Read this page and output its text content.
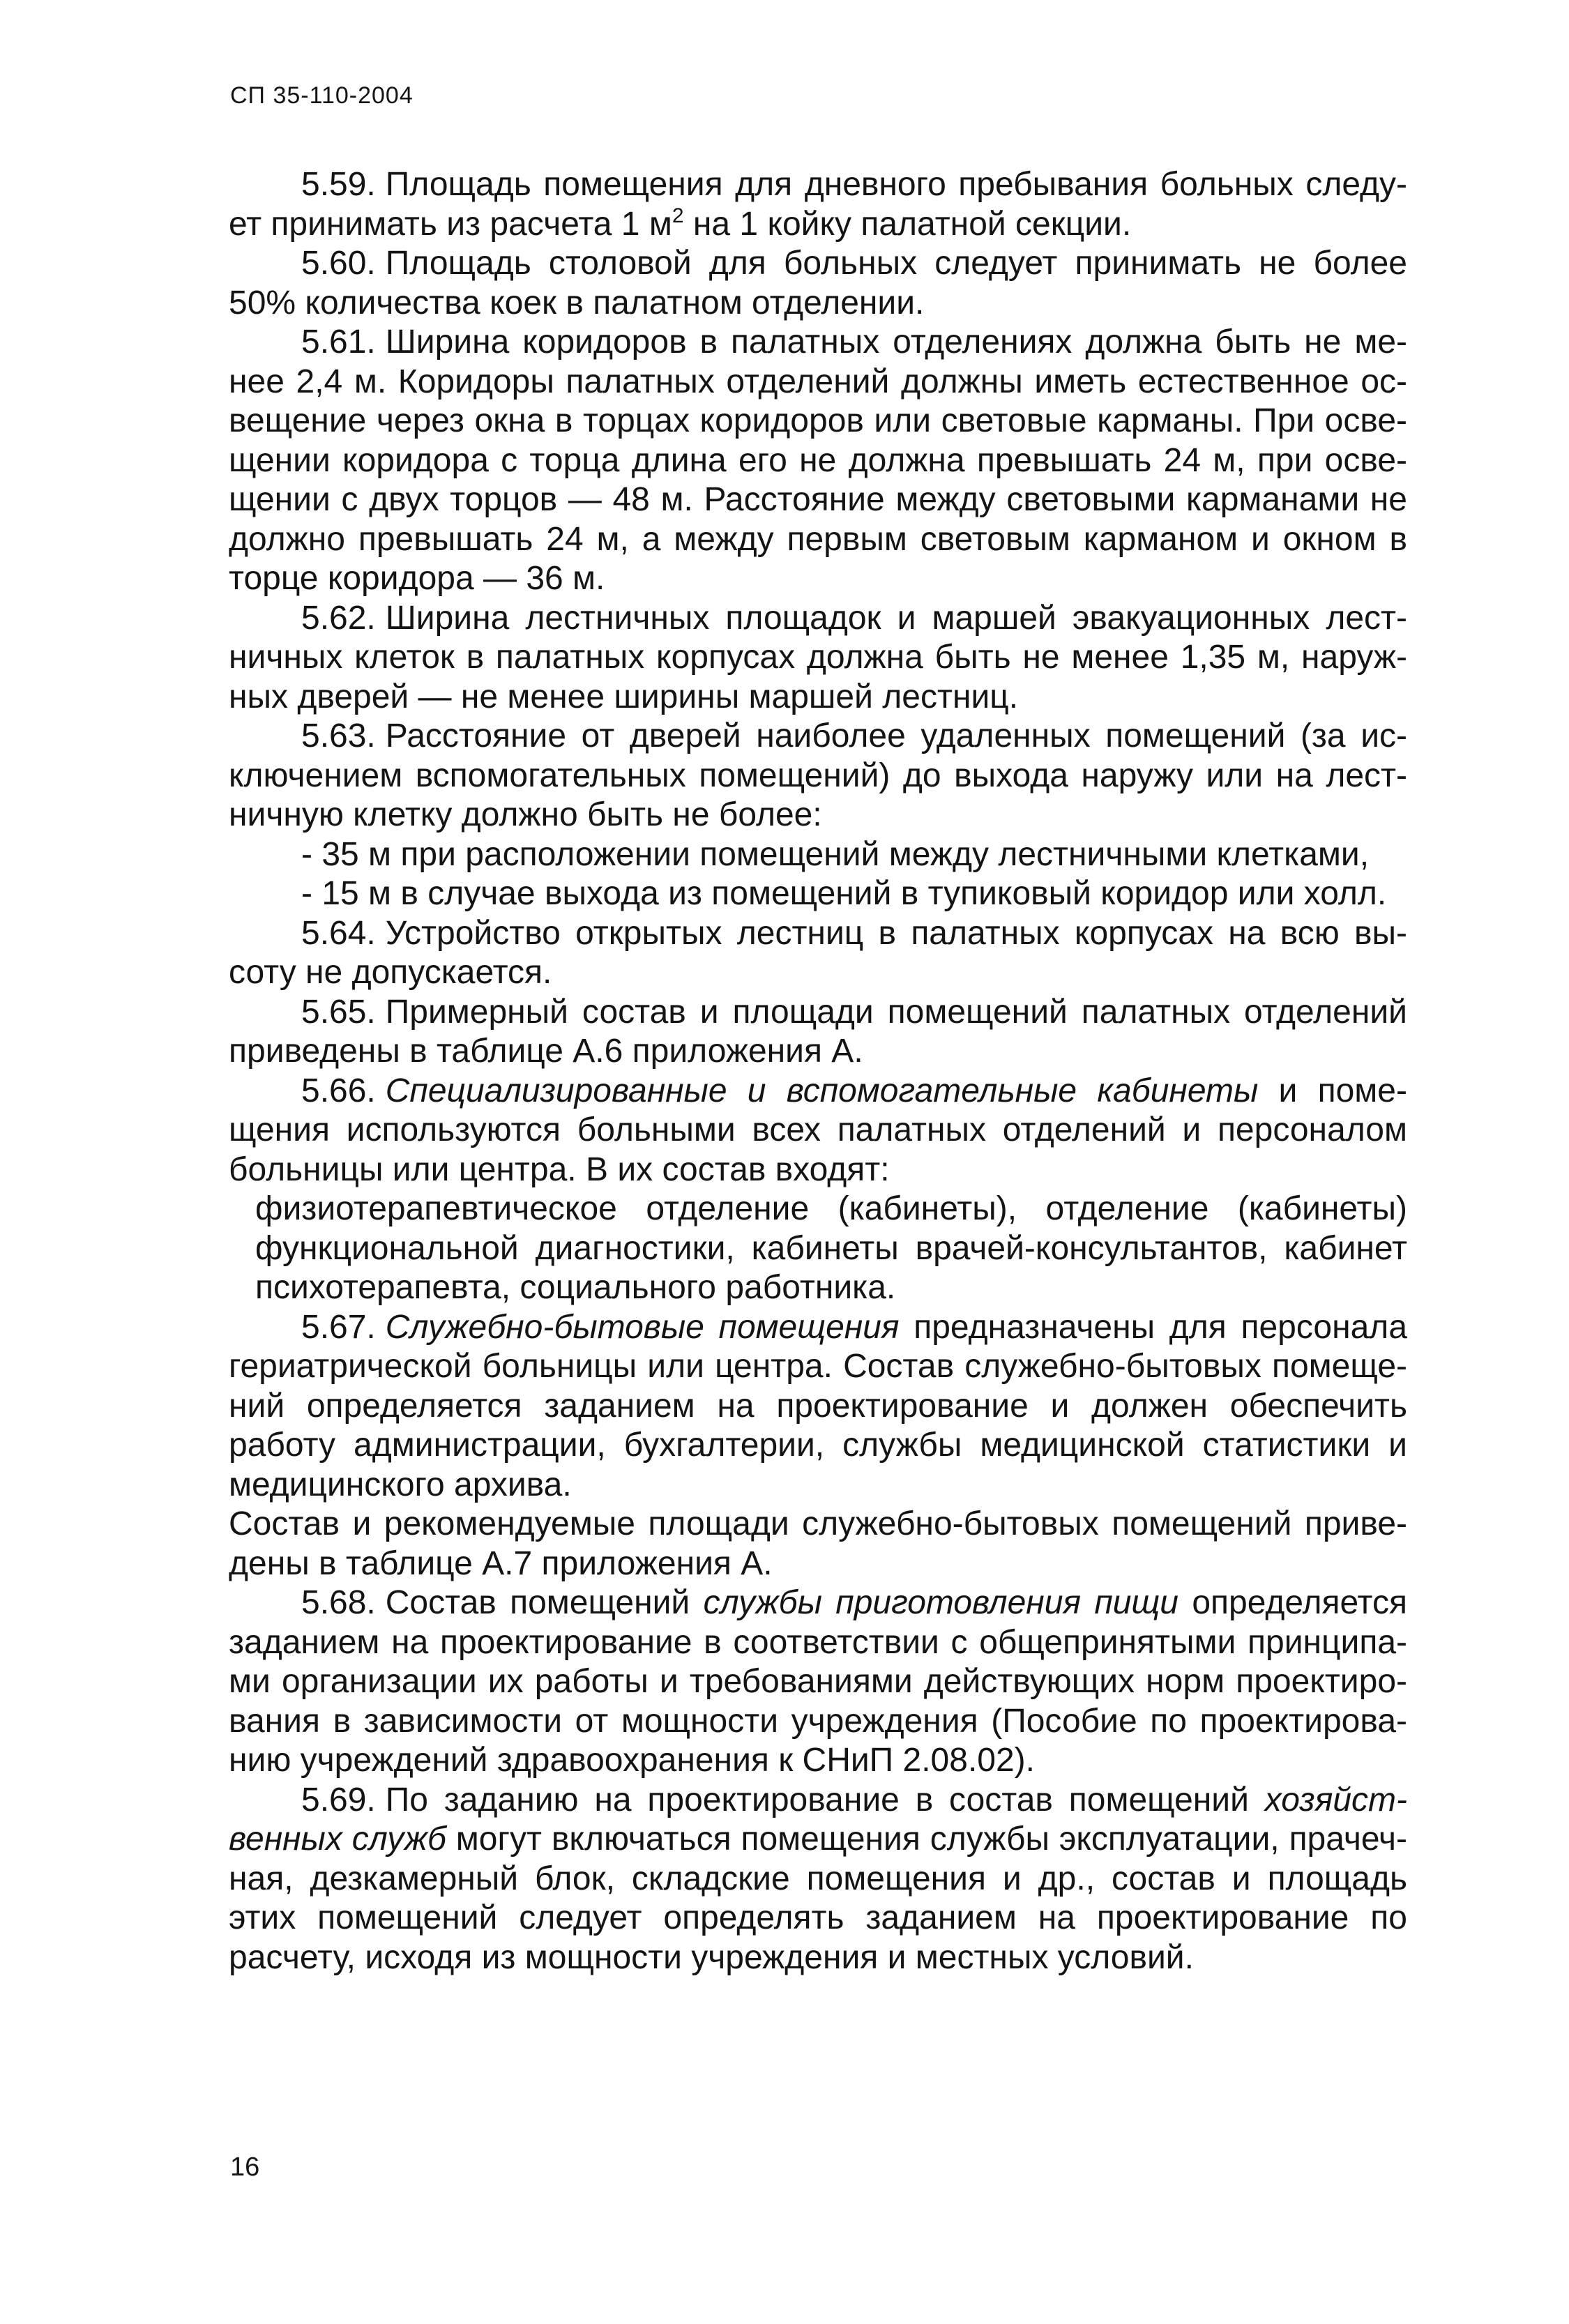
СП 35-110-2004

5.59. Площадь помещения для дневного пребывания больных следует принимать из расчета 1 $м^2$ на 1 койку палатной секции.

5.60. Площадь столовой для больных следует принимать не более 50% количества коек в палатном отделении.

5.61. Ширина коридоров в палатных отделениях должна быть не менее 2,4 м. Коридоры палатных отделений должны иметь естественное освещение через окна в торцах коридоров или световые карманы. При освещении коридора с торца длина его не должна превышать 24 м, при освещении с двух торцов — 48 м. Расстояние между световыми карманами не должно превышать 24 м, а между первым световым карманом и окном в торце коридора — 36 м.

5.62. Ширина лестничных площадок и маршей эвакуационных лестничных клеток в палатных корпусах должна быть не менее 1,35 м, наружных дверей — не менее ширины маршей лестниц.

5.63. Расстояние от дверей наиболее удаленных помещений (за исключением вспомогательных помещений) до выхода наружу или на лестничную клетку должно быть не более:

- 35 м при расположении помещений между лестничными клетками,

- 15 м в случае выхода из помещений в тупиковый коридор или холл.

5.64. Устройство открытых лестниц в палатных корпусах на всю высоту не допускается.

5.65. Примерный состав и площади помещений палатных отделений приведены в таблице А.6 приложения А.

5.66. Специализированные и вспомогательные кабинеты и помещения используются больными всех палатных отделений и персоналом больницы или центра. В их состав входят:

физиотерапевтическое отделение (кабинеты), отделение (кабинеты) функциональной диагностики, кабинеты врачей-консультантов, кабинет психотерапевта, социального работника.

5.67. Служебно-бытовые помещения предназначены для персонала гериатрической больницы или центра. Состав служебно-бытовых помещений определяется заданием на проектирование и должен обеспечить работу администрации, бухгалтерии, службы медицинской статистики и медицинского архива.

Состав и рекомендуемые площади служебно-бытовых помещений приведены в таблице А.7 приложения А.

5.68. Состав помещений службы приготовления пищи определяется заданием на проектирование в соответствии с общепринятыми принципами организации их работы и требованиями действующих норм проектирования в зависимости от мощности учреждения (Пособие по проектированию учреждений здравоохранения к СНиП 2.08.02).

5.69. По заданию на проектирование в состав помещений хозяйственных служб могут включаться помещения службы эксплуатации, прачечная, дезкамерный блок, складские помещения и др., состав и площадь этих помещений следует определять заданием на проектирование по расчету, исходя из мощности учреждения и местных условий.

16
